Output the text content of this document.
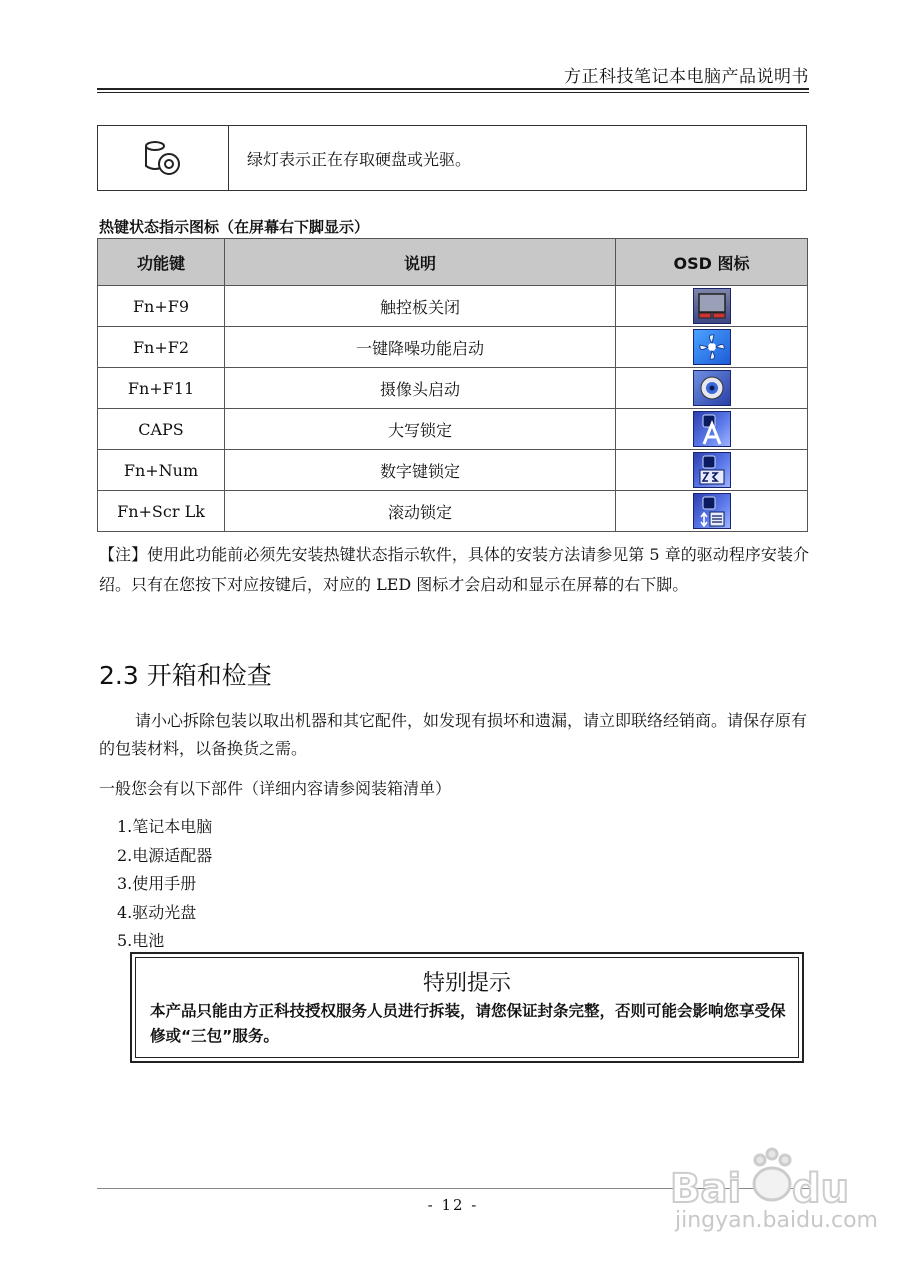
方正科技笔记本电脑产品说明书
绿灯表示正在存取硬盘或光驱。
热键状态指示图标（在屏幕右下脚显示）
功能键	说明	OSD 图标
Fn+F9	触控板关闭	

Fn+F2	一键降噪功能启动	

Fn+F11	摄像头启动	

CAPS	大写锁定	

Fn+Num	数字键锁定	

Fn+Scr Lk	滚动锁定	
【注】使用此功能前必须先安装热键状态指示软件，具体的安装方法请参见第 5 章的驱动程序安装介绍。只有在您按下对应按键后，对应的 LED 图标才会启动和显示在屏幕的右下脚。
2.3 开箱和检查
请小心拆除包装以取出机器和其它配件，如发现有损坏和遗漏，请立即联络经销商。请保存原有的包装材料，以备换货之需。
一般您会有以下部件（详细内容请参阅装箱清单）
1.笔记本电脑
2.电源适配器
3.使用手册
4.驱动光盘
5.电池
特别提示
本产品只能由方正科技授权服务人员进行拆装，请您保证封条完整，否则可能会影响您享受保修或“三包”服务。
- 12 -	Bai du
jingyan.baidu.com
